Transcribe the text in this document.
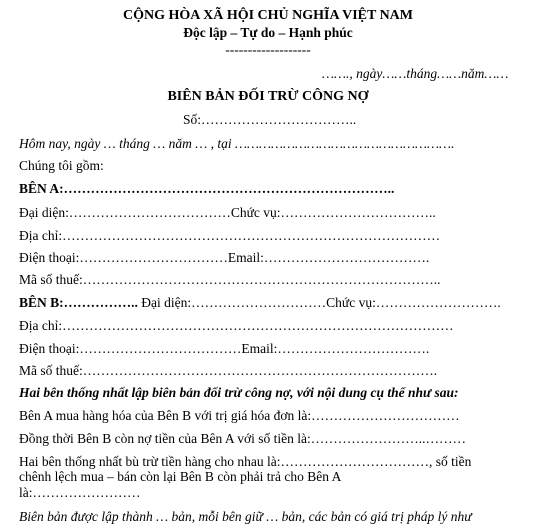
CỘNG HÒA XÃ HỘI CHỦ NGHĨA VIỆT NAM
Độc lập – Tự do – Hạnh phúc
-------------------
……., ngày……tháng……năm……
BIÊN BẢN ĐỐI TRỪ CÔNG NỢ
Số:……………………………..
Hôm nay, ngày … tháng … năm … , tại ……………………………………………….
Chúng tôi gồm:
BÊN A:………………………………………………………………..
Đại diện:………………………………Chức vụ:……………………………..
Địa chỉ:…………………………………………………………………………
Điện thoại:……………………………Email:……………………………….
Mã số thuế:……………………………………………………………………..
BÊN B:…………….. Đại diện:…………………………Chức vụ:……………………….
Địa chỉ:……………………………………………………………………………
Điện thoại:………………………………Email:…………………………….
Mã số thuế:…………………………………………………………………….
Hai bên thống nhất lập biên bản đối trừ công nợ, với nội dung cụ thể như sau:
Bên A mua hàng hóa của Bên B với trị giá hóa đơn là:……………………………
Đồng thời Bên B còn nợ tiền của Bên A với số tiền là:……………………..………
Hai bên thống nhất bù trừ tiền hàng cho nhau là:……………………………, số tiền
chênh lệch mua – bán còn lại Bên B còn phải trả cho Bên A
là:……………………
Biên bản được lập thành … bản, mỗi bên giữ … bản, các bản có giá trị pháp lý như
